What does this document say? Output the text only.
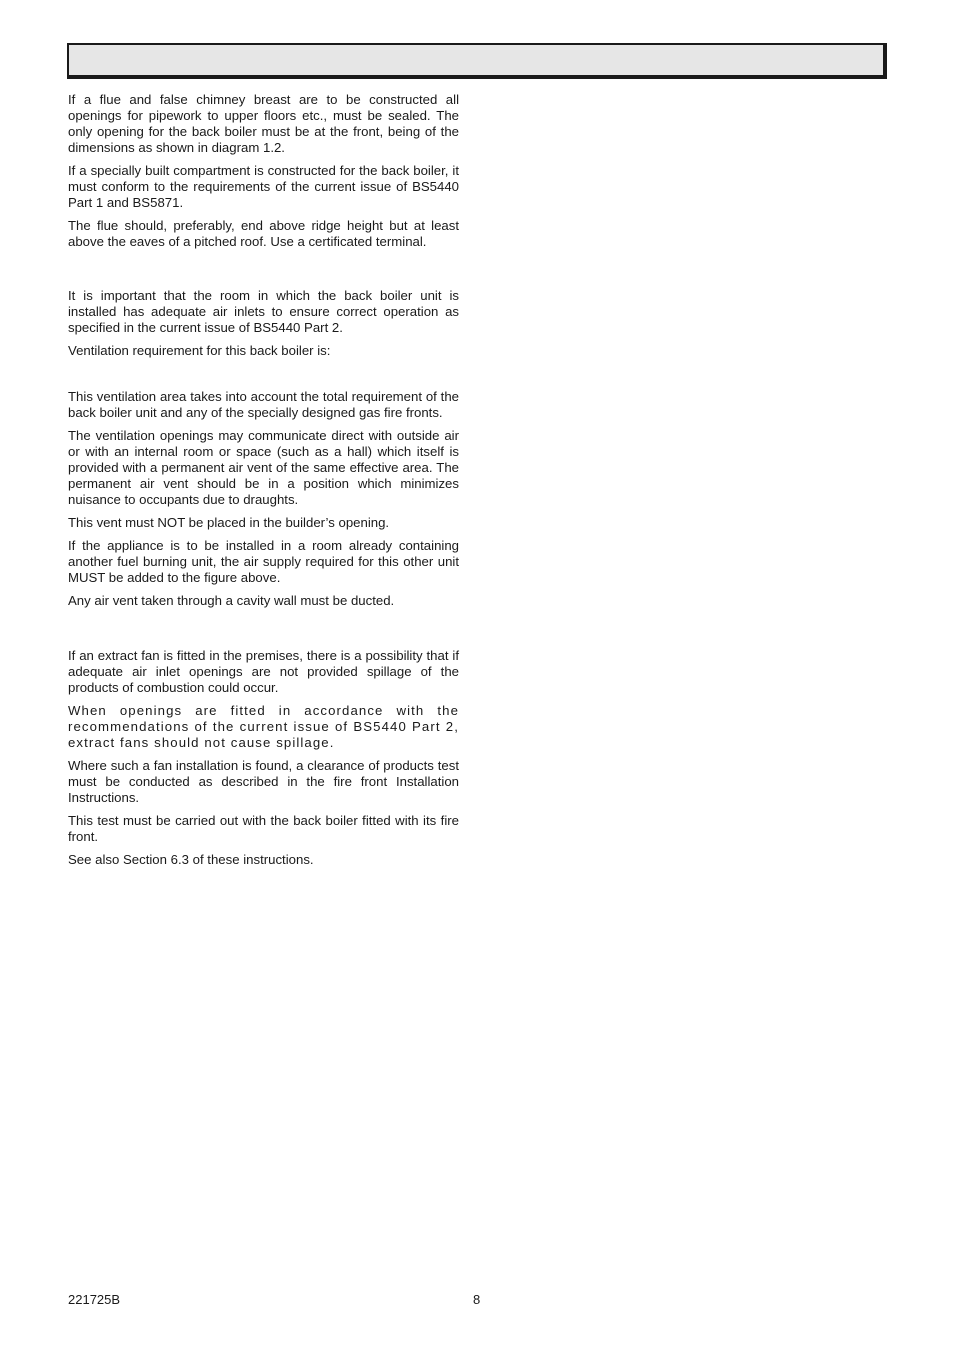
If a flue and false chimney breast are to be constructed all openings for pipework to upper floors etc., must be sealed. The only opening for the back boiler must be at the front, being of the dimensions as shown in diagram 1.2.

If a specially built compartment is constructed for the back boiler, it must conform to the requirements of the current issue of BS5440 Part 1 and BS5871.

The flue should, preferably, end above ridge height but at least above the eaves of a pitched roof. Use a certificated terminal.

It is important that the room in which the back boiler unit is installed has adequate air inlets to ensure correct operation as specified in the current issue of BS5440 Part 2.

Ventilation requirement for this back boiler is:

This ventilation area takes into account the total requirement of the back boiler unit and any of the specially designed gas fire fronts.

The ventilation openings may communicate direct with outside air or with an internal room or space (such as a hall) which itself is provided with a permanent air vent of the same effective area. The permanent air vent should be in a position which minimizes nuisance to occupants due to draughts.

This vent must NOT be placed in the builder’s opening.

If the appliance is to be installed in a room already containing another fuel burning unit, the air supply required for this other unit MUST be added to the figure above.

Any air vent taken through a cavity wall must be ducted.

If an extract fan is fitted in the premises, there is a possibility that if adequate air inlet openings are not provided spillage of the products of combustion could occur.

When openings are fitted in accordance with the recommendations of the current issue of BS5440 Part 2, extract fans should not cause spillage.

Where such a fan installation is found, a clearance of products test must be conducted as described in the fire front Installation Instructions.

This test must be carried out with the back boiler fitted with its fire front.

See also Section 6.3 of these instructions.

221725B	8
